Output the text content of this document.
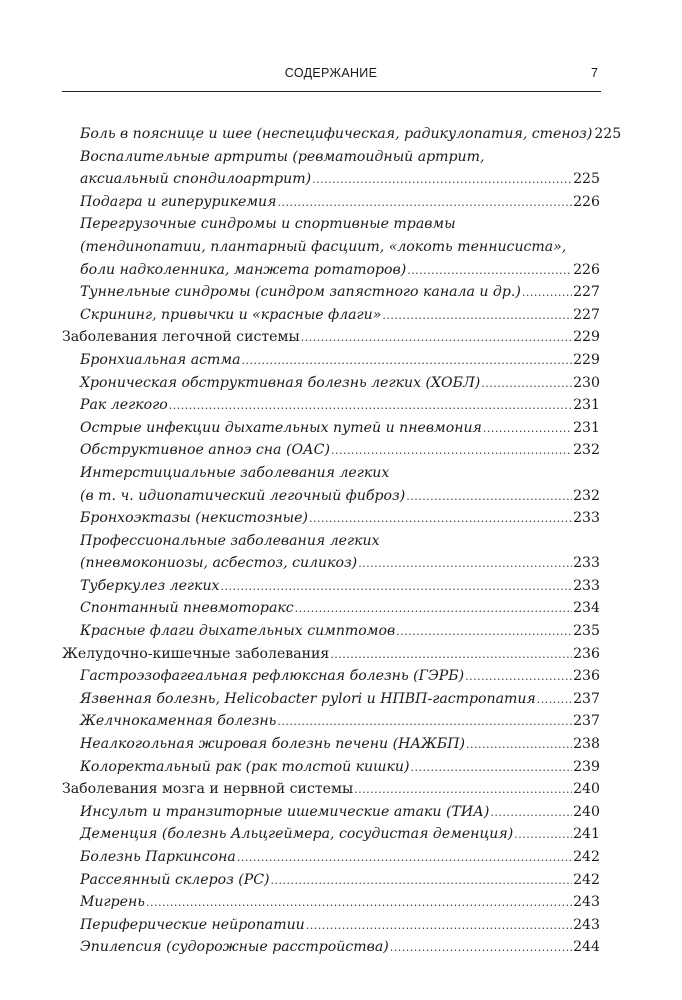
СОДЕРЖАНИЕ	7
Боль в пояснице и шее (неспецифическая, радикулопатия, стеноз) 225
Воспалительные артриты (ревматоидный артрит,
аксиальный спондилоартрит) .....	225
Подагра и гиперурикемия .....	226
Перегрузочные синдромы и спортивные травмы
(тендинопатии, плантарный фасциит, «локоть теннисиста»,
боли надколенника, манжета ротаторов) .....	226
Туннельные синдромы (синдром запястного канала и др.) .....	227
Скрининг, привычки и «красные флаги» .....	227
Заболевания легочной системы .....	229
Бронхиальная астма .....	229
Хроническая обструктивная болезнь легких (ХОБЛ) .....	230
Рак легкого .....	231
Острые инфекции дыхательных путей и пневмония .....	231
Обструктивное апноэ сна (ОАС) .....	232
Интерстициальные заболевания легких
(в т. ч. идиопатический легочный фиброз) .....	232
Бронхоэктазы (некистозные) .....	233
Профессиональные заболевания легких
(пневмокониозы, асбестоз, силикоз) .....	233
Туберкулез легких .....	233
Спонтанный пневмоторакс .....	234
Красные флаги дыхательных симптомов .....	235
Желудочно-кишечные заболевания .....	236
Гастроэзофагеальная рефлюксная болезнь (ГЭРБ) .....	236
Язвенная болезнь, Helicobacter pylori и НПВП-гастропатия .....	237
Желчнокаменная болезнь .....	237
Неалкогольная жировая болезнь печени (НАЖБП) .....	238
Колоректальный рак (рак толстой кишки) .....	239
Заболевания мозга и нервной системы .....	240
Инсульт и транзиторные ишемические атаки (ТИА) .....	240
Деменция (болезнь Альцгеймера, сосудистая деменция) .....	241
Болезнь Паркинсона .....	242
Рассеянный склероз (РС) .....	242
Мигрень .....	243
Периферические нейропатии .....	243
Эпилепсия (судорожные расстройства) .....	244
